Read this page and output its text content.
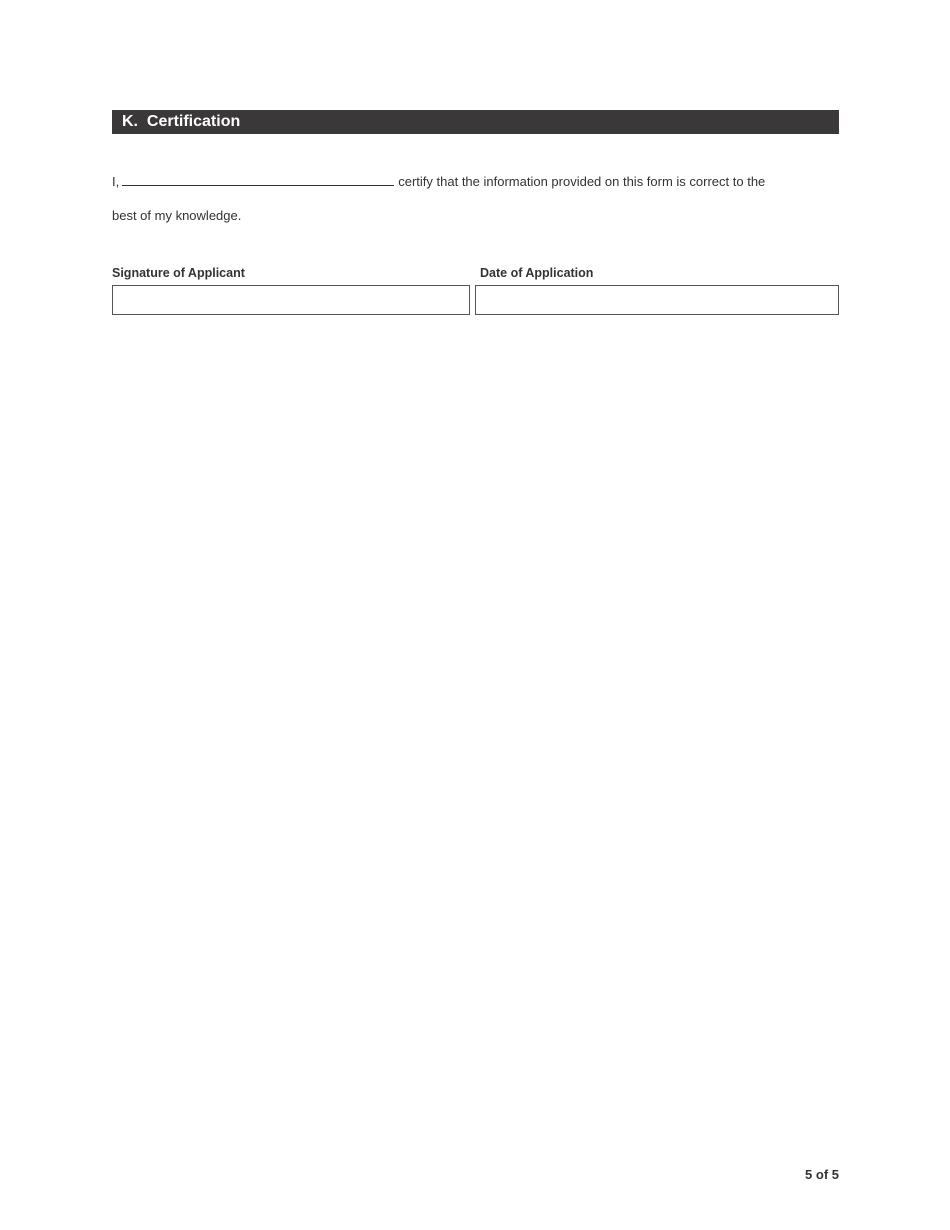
K.  Certification
I,	certify that the information provided on this form is correct to the
best of my knowledge.
Signature of Applicant	Date of Application
5 of 5
